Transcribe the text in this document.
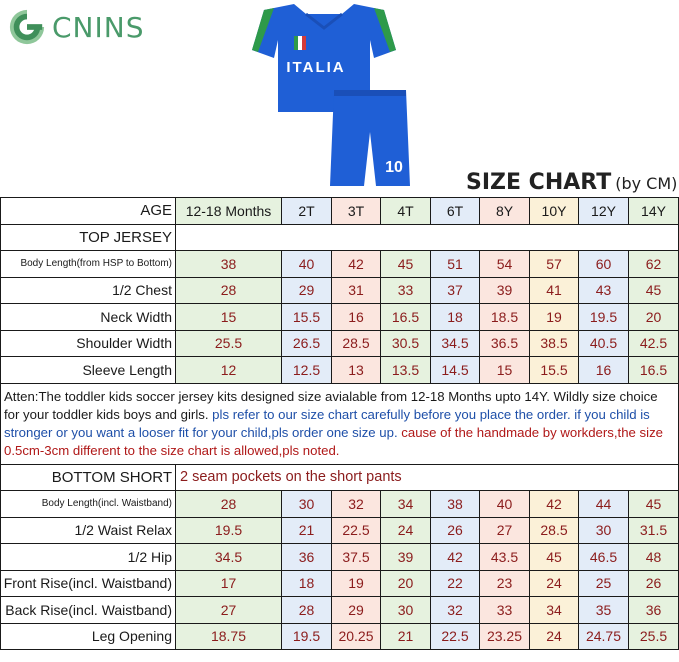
CNINS
ITALIA
10
SIZE CHART (by CM)
AGE	12-18 Months	2T	3T	4T	6T	8Y	10Y	12Y	14Y
TOP JERSEY									
Body Length(from HSP to Bottom)	38	40	42	45	51	54	57	60	62
1/2 Chest	28	29	31	33	37	39	41	43	45
Neck Width	15	15.5	16	16.5	18	18.5	19	19.5	20
Shoulder Width	25.5	26.5	28.5	30.5	34.5	36.5	38.5	40.5	42.5
Sleeve Length	12	12.5	13	13.5	14.5	15	15.5	16	16.5
Atten:The toddler kids soccer jersey kits designed size avialable from 12-18 Months upto 14Y. Wildly size choice for your toddler kids boys and girls. pls refer to our size chart carefully before you place the order. if you child is stronger or you want a looser fit for your child,pls order one size up. cause of the handmade by workders,the size 0.5cm-3cm different to the size chart is allowed,pls noted.									
BOTTOM SHORT	2 seam pockets on the short pants								
Body Length(incl. Waistband)	28	30	32	34	38	40	42	44	45
1/2 Waist Relax	19.5	21	22.5	24	26	27	28.5	30	31.5
1/2 Hip	34.5	36	37.5	39	42	43.5	45	46.5	48
Front Rise(incl. Waistband)	17	18	19	20	22	23	24	25	26
Back Rise(incl. Waistband)	27	28	29	30	32	33	34	35	36
Leg Opening	18.75	19.5	20.25	21	22.5	23.25	24	24.75	25.5
